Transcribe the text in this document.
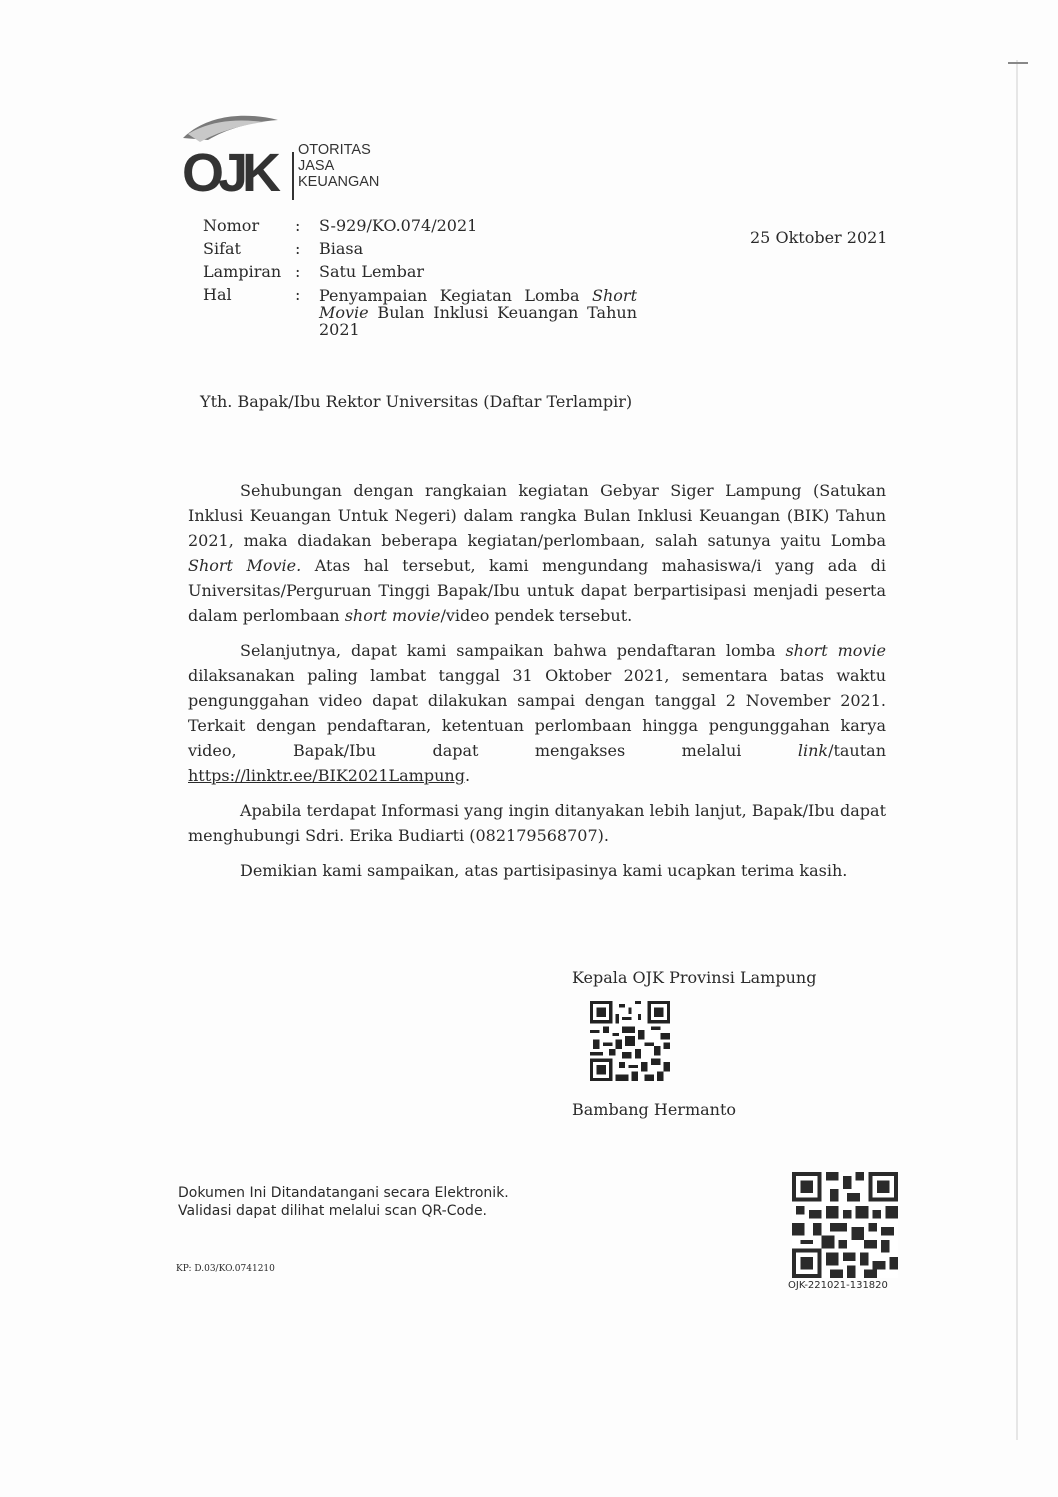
OJK OTORITAS
JASA
KEUANGAN
Nomor	:	S-929/KO.074/2021
Sifat	:	Biasa
Lampiran :	Satu Lembar
Hal	:	Penyampaian Kegiatan Lomba Short Movie Bulan Inklusi Keuangan Tahun 2021
25 Oktober 2021
Yth. Bapak/Ibu Rektor Universitas (Daftar Terlampir)

Sehubungan dengan rangkaian kegiatan Gebyar Siger Lampung (Satukan Inklusi Keuangan Untuk Negeri) dalam rangka Bulan Inklusi Keuangan (BIK) Tahun 2021, maka diadakan beberapa kegiatan/perlombaan, salah satunya yaitu Lomba Short Movie. Atas hal tersebut, kami mengundang mahasiswa/i yang ada di Universitas/Perguruan Tinggi Bapak/Ibu untuk dapat berpartisipasi menjadi peserta dalam perlombaan short movie/video pendek tersebut.

Selanjutnya, dapat kami sampaikan bahwa pendaftaran lomba short movie dilaksanakan paling lambat tanggal 31 Oktober 2021, sementara batas waktu pengunggahan video dapat dilakukan sampai dengan tanggal 2 November 2021. Terkait dengan pendaftaran, ketentuan perlombaan hingga pengunggahan karya video, Bapak/Ibu dapat mengakses melalui link/tautan https://linktr.ee/BIK2021Lampung.

Apabila terdapat Informasi yang ingin ditanyakan lebih lanjut, Bapak/Ibu dapat menghubungi Sdri. Erika Budiarti (082179568707).

Demikian kami sampaikan, atas partisipasinya kami ucapkan terima kasih.

Kepala OJK Provinsi Lampung
Bambang Hermanto
Dokumen Ini Ditandatangani secara Elektronik.
Validasi dapat dilihat melalui scan QR-Code.
KP: D.03/KO.0741210
OJK-221021-131820
